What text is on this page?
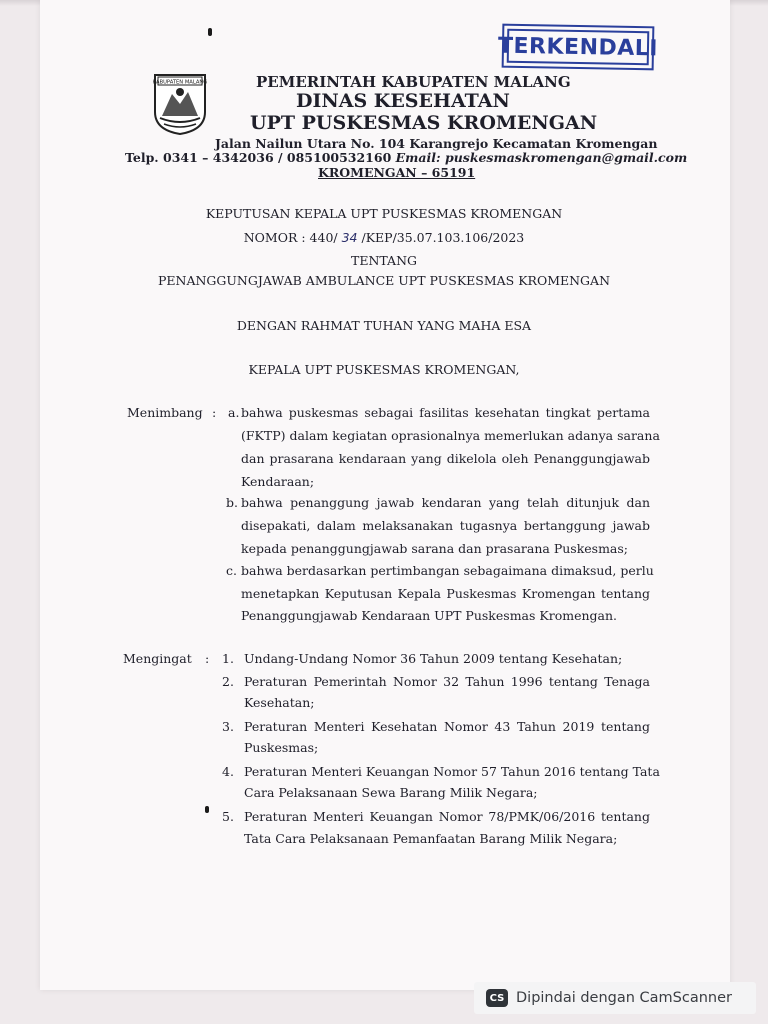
TERKENDALI
KABUPATEN MALANG	PEMERINTAH KABUPATEN MALANG
DINAS KESEHATAN
UPT PUSKESMAS KROMENGAN
Jalan Nailun Utara No. 104 Karangrejo Kecamatan Kromengan
Telp. 0341 – 4342036 / 085100532160 Email: puskesmaskromengan@gmail.com
KROMENGAN – 65191
KEPUTUSAN KEPALA UPT PUSKESMAS KROMENGAN
NOMOR : 440/ 34 /KEP/35.07.103.106/2023
TENTANG
PENANGGUNGJAWAB AMBULANCE UPT PUSKESMAS KROMENGAN
DENGAN RAHMAT TUHAN YANG MAHA ESA
KEPALA UPT PUSKESMAS KROMENGAN,
Menimbang : a. bahwa puskesmas sebagai fasilitas kesehatan tingkat pertama
(FKTP) dalam kegiatan oprasionalnya memerlukan adanya sarana
dan prasarana kendaraan yang dikelola oleh Penanggungjawab
Kendaraan;
b. bahwa penanggung jawab kendaran yang telah ditunjuk dan
disepakati, dalam melaksanakan tugasnya bertanggung jawab
kepada penanggungjawab sarana dan prasarana Puskesmas;
c. bahwa berdasarkan pertimbangan sebagaimana dimaksud, perlu
menetapkan Keputusan Kepala Puskesmas Kromengan tentang
Penanggungjawab Kendaraan UPT Puskesmas Kromengan.
Mengingat : 1. Undang-Undang Nomor 36 Tahun 2009 tentang Kesehatan;
2. Peraturan Pemerintah Nomor 32 Tahun 1996 tentang Tenaga
Kesehatan;
3. Peraturan Menteri Kesehatan Nomor 43 Tahun 2019 tentang
Puskesmas;
4. Peraturan Menteri Keuangan Nomor 57 Tahun 2016 tentang Tata
Cara Pelaksanaan Sewa Barang Milik Negara;
5. Peraturan Menteri Keuangan Nomor 78/PMK/06/2016 tentang
Tata Cara Pelaksanaan Pemanfaatan Barang Milik Negara;
CS Dipindai dengan CamScanner
